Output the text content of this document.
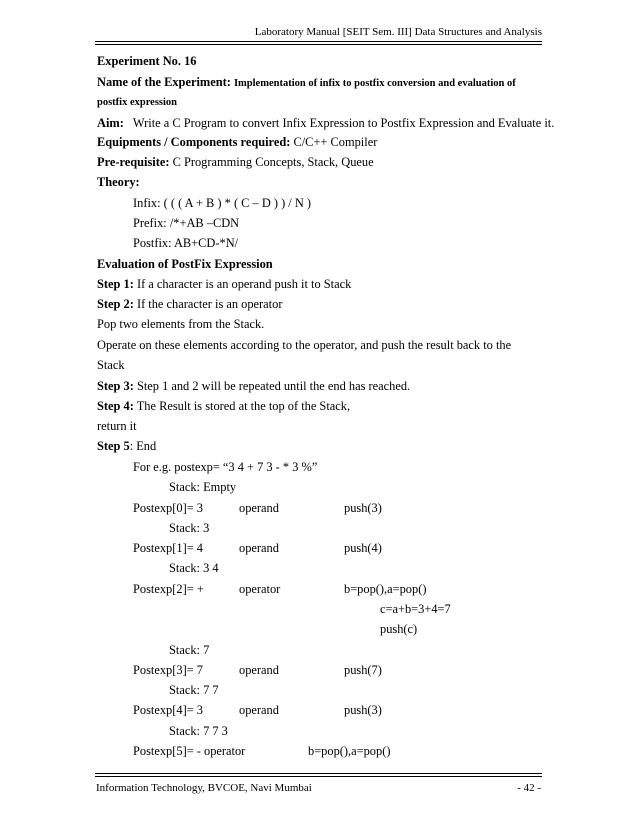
Laboratory Manual [SEIT Sem. III] Data Structures and Analysis
Experiment No. 16
Name of the Experiment: Implementation of infix to postfix conversion and evaluation of
postfix expression
Aim: Write a C Program to convert Infix Expression to Postfix Expression and Evaluate it.
Equipments / Components required: C/C++ Compiler
Pre-requisite: C Programming Concepts, Stack, Queue
Theory:
Infix: ( ( ( A + B ) * ( C – D ) ) / N )
Prefix: /*+AB –CDN
Postfix: AB+CD-*N/
Evaluation of PostFix Expression
Step 1: If a character is an operand push it to Stack
Step 2: If the character is an operator
Pop two elements from the Stack.
Operate on these elements according to the operator, and push the result back to the
Stack
Step 3: Step 1 and 2 will be repeated until the end has reached.
Step 4: The Result is stored at the top of the Stack,
return it
Step 5: End
For e.g. postexp= “3 4 + 7 3 - * 3 %”
Stack: Empty
Postexp[0]= 3	operand	push(3)
Stack: 3
Postexp[1]= 4	operand	push(4)
Stack: 3 4
Postexp[2]= +	operator	b=pop(),a=pop()
c=a+b=3+4=7
push(c)
Stack: 7
Postexp[3]= 7	operand	push(7)
Stack: 7 7
Postexp[4]= 3	operand	push(3)
Stack: 7 7 3
Postexp[5]= - operator	b=pop(),a=pop()
Information Technology, BVCOE, Navi Mumbai	- 42 -
